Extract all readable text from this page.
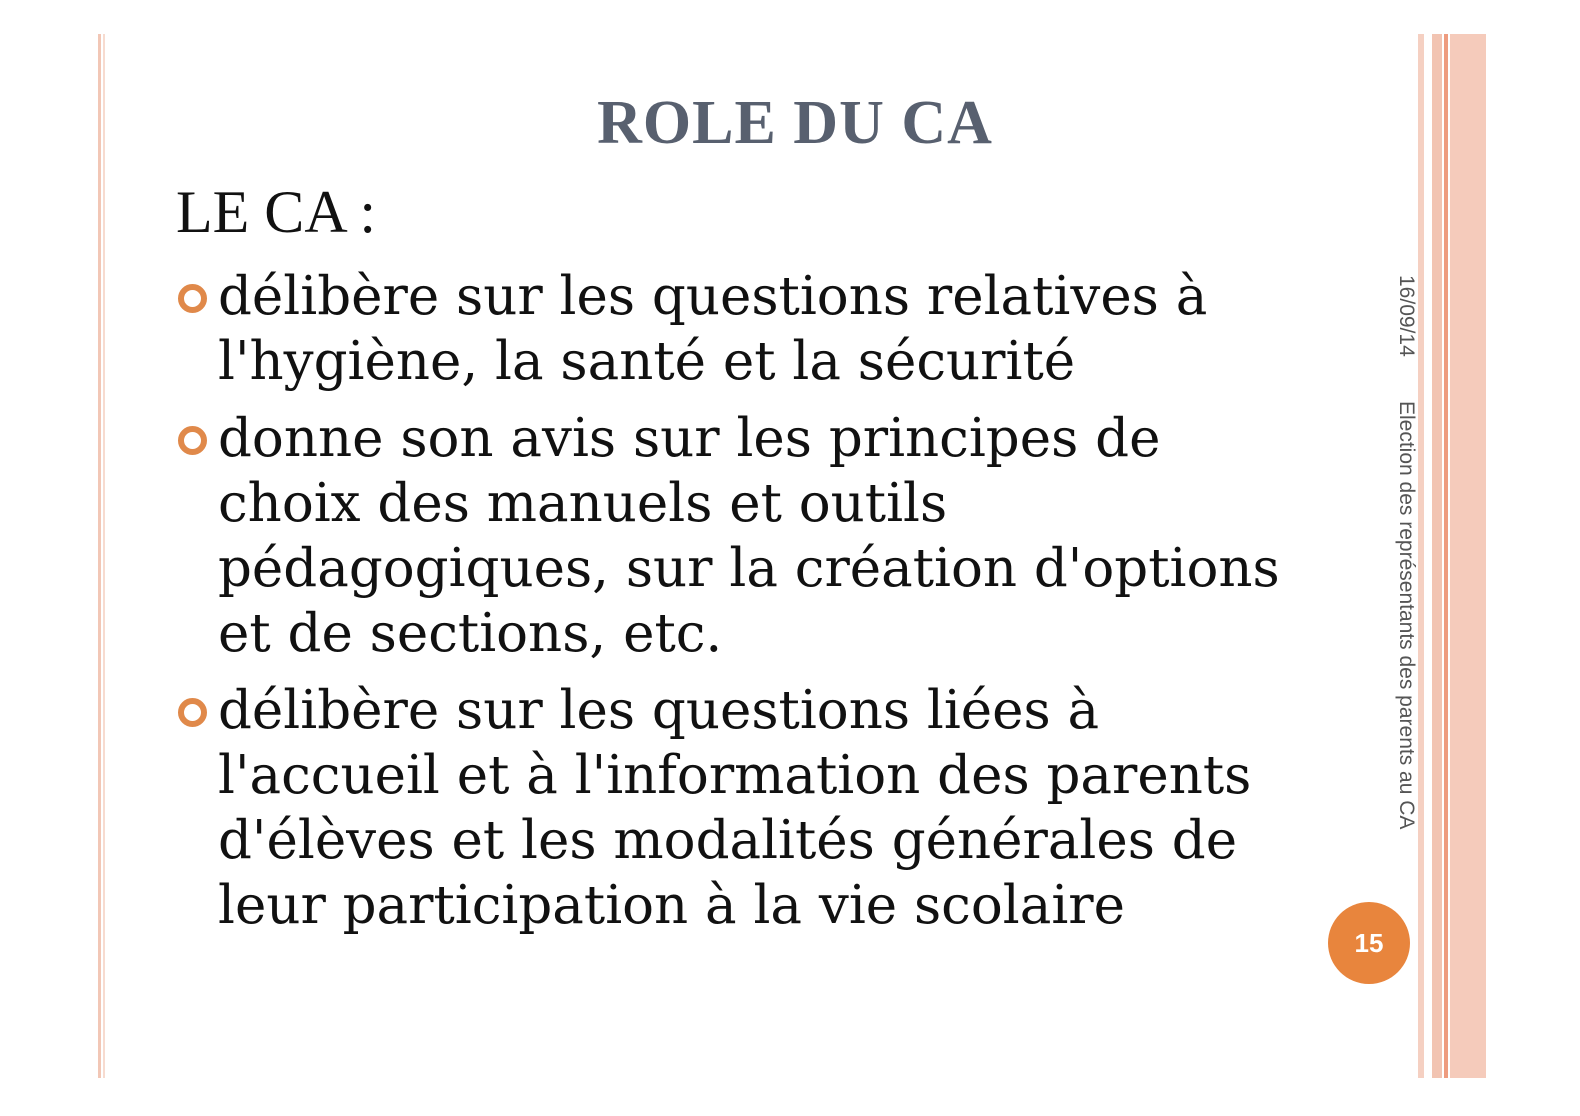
ROLE DU CA
LE CA :
délibère sur les questions relatives à
l'hygiène, la santé et la sécurité
donne son avis sur les principes de
choix des manuels et outils
pédagogiques, sur la création d'options
et de sections, etc.
délibère sur les questions liées à
l'accueil et à l'information des parents
d'élèves et les modalités générales de
leur participation à la vie scolaire
16/09/14Election des représentants des parents au CA
15
